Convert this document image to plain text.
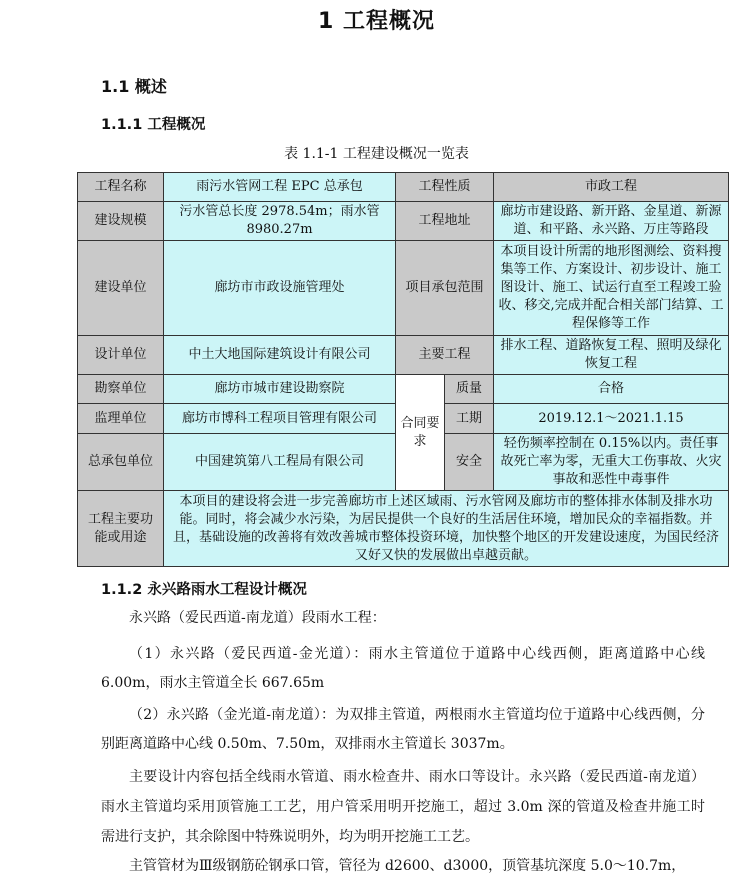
1 工程概况
1.1 概述
1.1.1 工程概况
表 1.1-1 工程建设概况一览表
工程名称	雨污水管网工程 EPC 总承包	工程性质		市政工程
建设规模	污水管总长度 2978.54m；雨水管 8980.27m	工程地址		廊坊市建设路、新开路、金星道、新源道、和平路、永兴路、万庄等路段
建设单位	廊坊市市政设施管理处	项目承包范围		本项目设计所需的地形图测绘、资料搜集等工作、方案设计、初步设计、施工图设计、施工、试运行直至工程竣工验收、移交,完成并配合相关部门结算、工程保修等工作
设计单位	中土大地国际建筑设计有限公司	主要工程		排水工程、道路恢复工程、照明及绿化恢复工程
勘察单位	廊坊市城市建设勘察院	合同要求	质量	合格
监理单位	廊坊市博科工程项目管理有限公司		工期	2019.12.1～2021.1.15
总承包单位	中国建筑第八工程局有限公司		安全	轻伤频率控制在 0.15%以内。责任事故死亡率为零，无重大工伤事故、火灾事故和恶性中毒事件
工程主要功能或用途	本项目的建设将会进一步完善廊坊市上述区域雨、污水管网及廊坊市的整体排水体制及排水功能。同时，将会减少水污染，为居民提供一个良好的生活居住环境，增加民众的幸福指数。并且，基础设施的改善将有效改善城市整体投资环境，加快整个地区的开发建设速度，为国民经济又好又快的发展做出卓越贡献。			
1.1.2 永兴路雨水工程设计概况

永兴路（爱民西道-南龙道）段雨水工程：

（1）永兴路（爱民西道-金光道）：雨水主管道位于道路中心线西侧，距离道路中心线 6.00m，雨水主管道全长 667.65m

（2）永兴路（金光道-南龙道）：为双排主管道，两根雨水主管道均位于道路中心线西侧，分别距离道路中心线 0.50m、7.50m，双排雨水主管道长 3037m。

主要设计内容包括全线雨水管道、雨水检查井、雨水口等设计。永兴路（爱民西道-南龙道）雨水主管道均采用顶管施工工艺，用户管采用明开挖施工，超过 3.0m 深的管道及检查井施工时需进行支护，其余除图中特殊说明外，均为明开挖施工工艺。

主管管材为Ⅲ级钢筋砼钢承口管，管径为 d2600、d3000，顶管基坑深度 5.0～10.7m，
